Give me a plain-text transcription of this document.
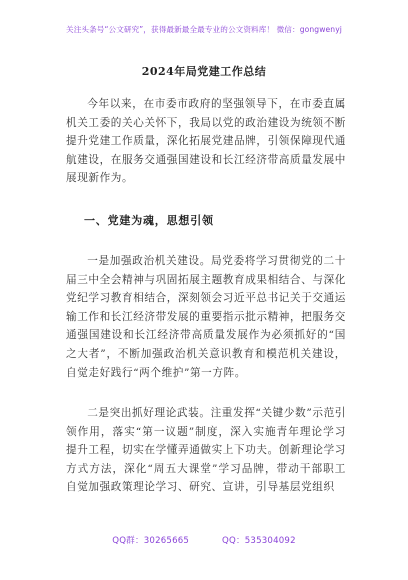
关注头条号“公文研究”，获得最新最全最专业的公文资料库！ 微信：gongwenyj
2024年局党建工作总结

今年以来，在市委市政府的坚强领导下，在市委直属机关工委的关心关怀下，我局以党的政治建设为统领不断提升党建工作质量，深化拓展党建品牌，引领保障现代通航建设，在服务交通强国建设和长江经济带高质量发展中展现新作为。

一、党建为魂，思想引领

一是加强政治机关建设。局党委将学习贯彻党的二十届三中全会精神与巩固拓展主题教育成果相结合、与深化党纪学习教育相结合，深刻领会习近平总书记关于交通运输工作和长江经济带发展的重要指示批示精神，把服务交通强国建设和长江经济带高质量发展作为必须抓好的“国之大者”，不断加强政治机关意识教育和模范机关建设，自觉走好践行“两个维护”第一方阵。

二是突出抓好理论武装。注重发挥“关键少数”示范引领作用，落实“第一议题”制度，深入实施青年理论学习提升工程，切实在学懂弄通做实上下功夫。创新理论学习方式方法，深化“周五大课堂”学习品牌，带动干部职工自觉加强政策理论学习、研究、宣讲，引导基层党组织

QQ群：30265665	QQ：535304092
